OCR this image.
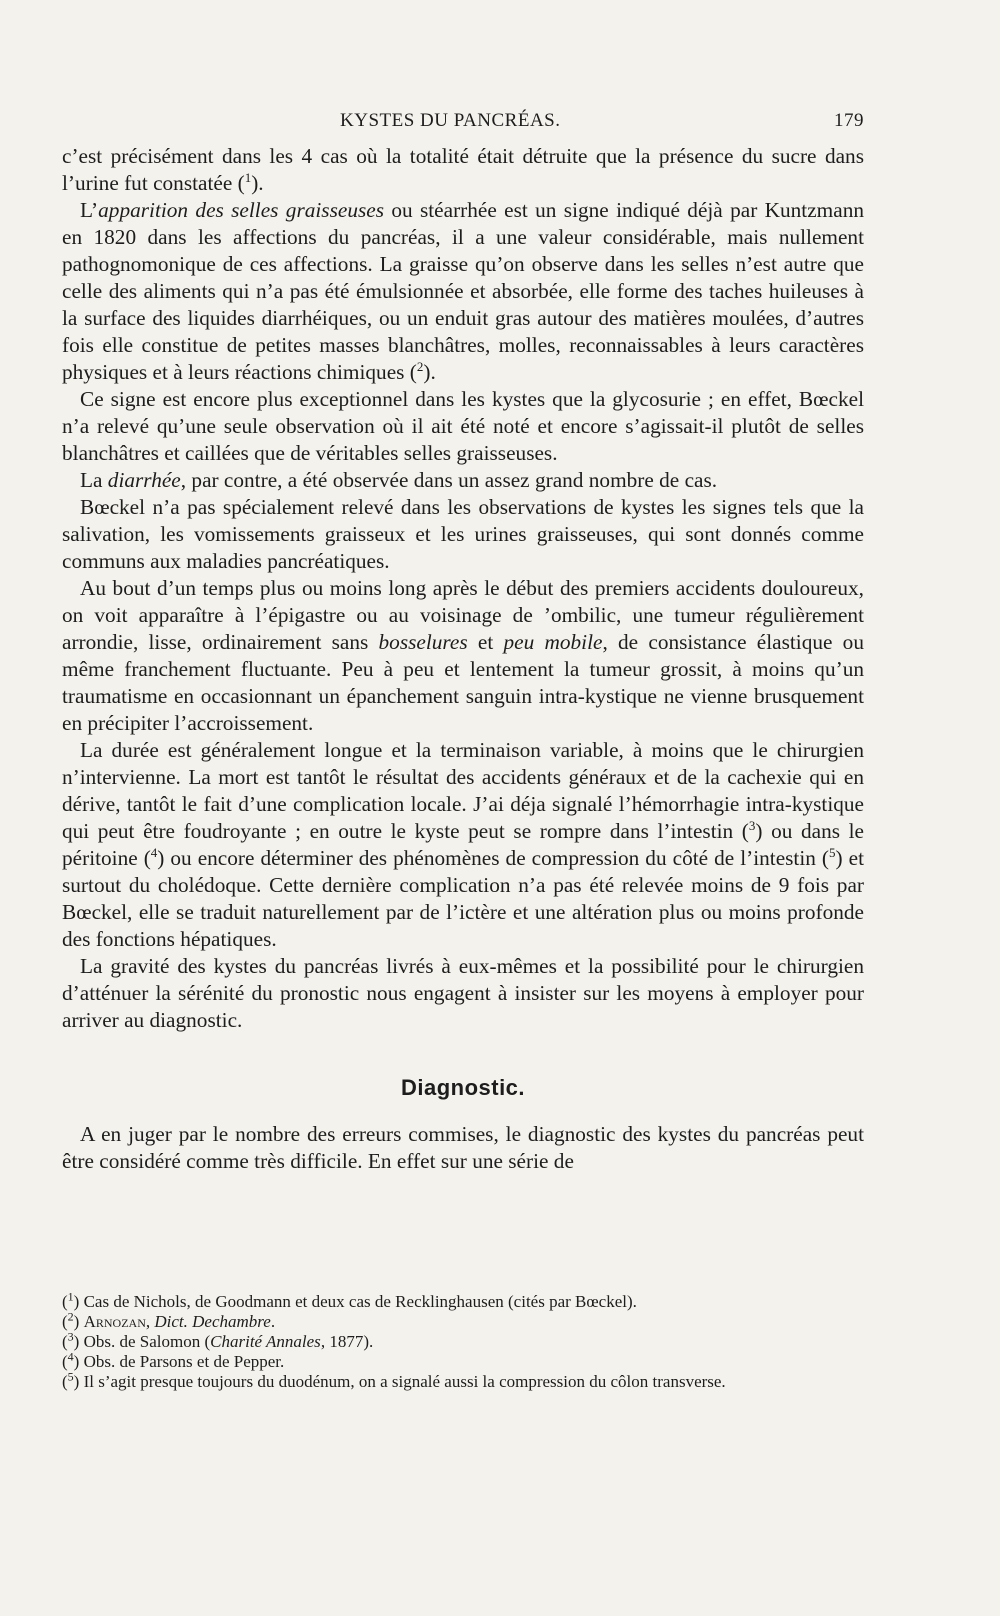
KYSTES DU PANCRÉAS.	179

c’est précisément dans les 4 cas où la totalité était détruite que la présence du sucre dans l’urine fut constatée ($^1$).

L’apparition des selles graisseuses ou stéarrhée est un signe indiqué déjà par Kuntzmann en 1820 dans les affections du pancréas, il a une valeur considérable, mais nullement pathognomonique de ces affections. La graisse qu’on observe dans les selles n’est autre que celle des aliments qui n’a pas été émulsionnée et absorbée, elle forme des taches huileuses à la surface des liquides diarrhéiques, ou un enduit gras autour des matières moulées, d’autres fois elle constitue de petites masses blanchâtres, molles, reconnaissables à leurs caractères physiques et à leurs réactions chimiques ($^2$).

Ce signe est encore plus exceptionnel dans les kystes que la glycosurie ; en effet, Bœckel n’a relevé qu’une seule observation où il ait été noté et encore s’agissait-il plutôt de selles blanchâtres et caillées que de véritables selles graisseuses.

La diarrhée, par contre, a été observée dans un assez grand nombre de cas.

Bœckel n’a pas spécialement relevé dans les observations de kystes les signes tels que la salivation, les vomissements graisseux et les urines graisseuses, qui sont donnés comme communs aux maladies pancréatiques.

Au bout d’un temps plus ou moins long après le début des premiers accidents douloureux, on voit apparaître à l’épigastre ou au voisinage de ’ombilic, une tumeur régulièrement arrondie, lisse, ordinairement sans bosselures et peu mobile, de consistance élastique ou même franchement fluctuante. Peu à peu et lentement la tumeur grossit, à moins qu’un traumatisme en occasionnant un épanchement sanguin intra-kystique ne vienne brusquement en précipiter l’accroissement.

La durée est généralement longue et la terminaison variable, à moins que le chirurgien n’intervienne. La mort est tantôt le résultat des accidents généraux et de la cachexie qui en dérive, tantôt le fait d’une complication locale. J’ai déja signalé l’hémorrhagie intra-kystique qui peut être foudroyante ; en outre le kyste peut se rompre dans l’intestin ($^3$) ou dans le péritoine ($^4$) ou encore déterminer des phénomènes de compression du côté de l’intestin ($^5$) et surtout du cholédoque. Cette dernière complication n’a pas été relevée moins de 9 fois par Bœckel, elle se traduit naturellement par de l’ictère et une altération plus ou moins profonde des fonctions hépatiques.

La gravité des kystes du pancréas livrés à eux-mêmes et la possibilité pour le chirurgien d’atténuer la sérénité du pronostic nous engagent à insister sur les moyens à employer pour arriver au diagnostic.

Diagnostic.

A en juger par le nombre des erreurs commises, le diagnostic des kystes du pancréas peut être considéré comme très difficile. En effet sur une série de

($^1$) Cas de Nichols, de Goodmann et deux cas de Recklinghausen (cités par Bœckel).

($^2$) Arnozan, Dict. Dechambre.

($^3$) Obs. de Salomon (Charité Annales, 1877).

($^4$) Obs. de Parsons et de Pepper.

($^5$) Il s’agit presque toujours du duodénum, on a signalé aussi la compression du côlon transverse.
